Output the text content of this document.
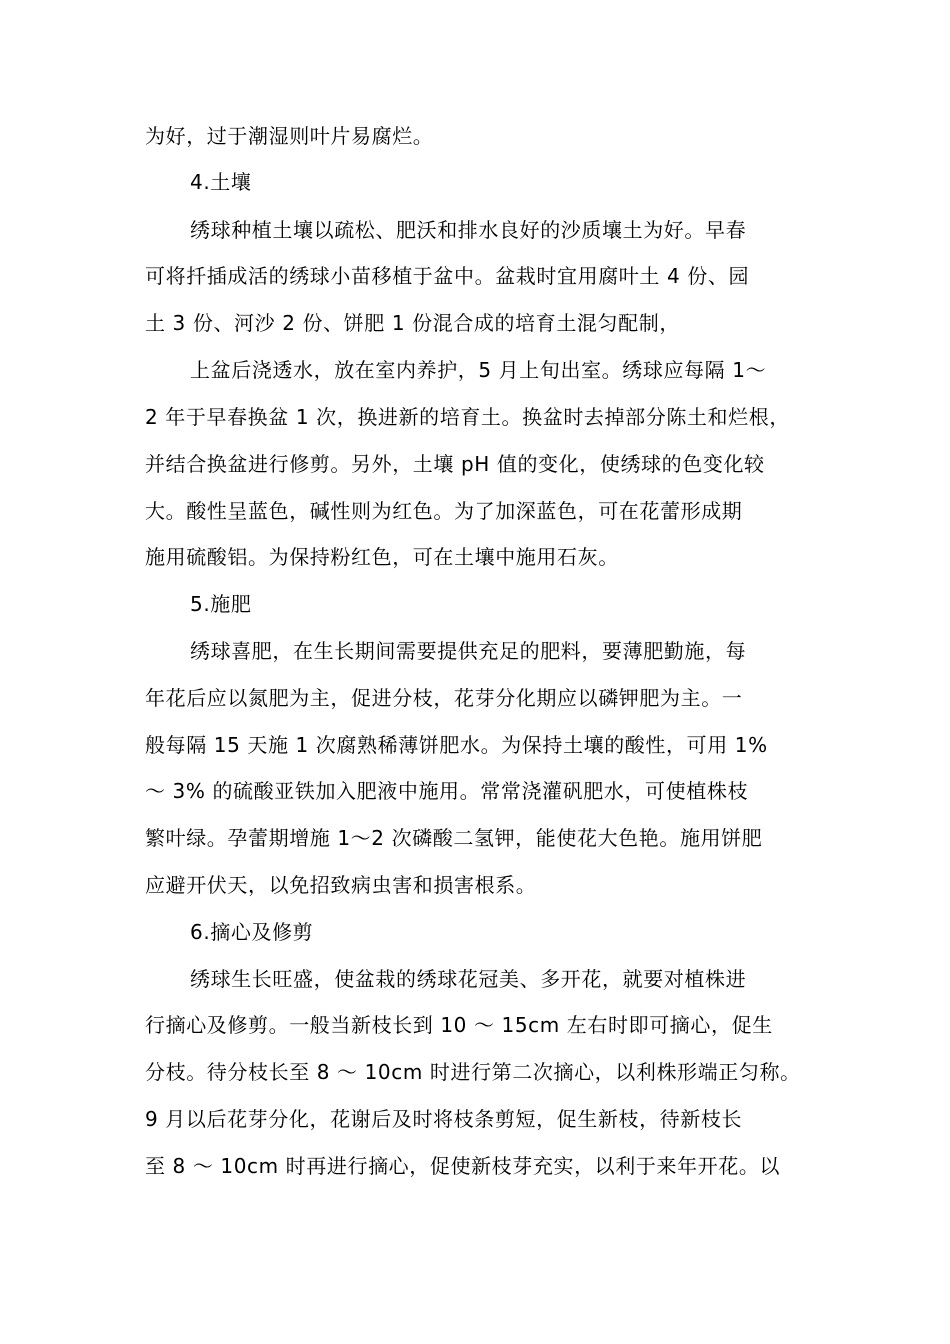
为好，过于潮湿则叶片易腐烂。
4.土壤
绣球种植土壤以疏松、肥沃和排水良好的沙质壤土为好。早春
可将扦插成活的绣球小苗移植于盆中。盆栽时宜用腐叶土 4 份、园
土 3 份、河沙 2 份、饼肥 1 份混合成的培育土混匀配制，
上盆后浇透水，放在室内养护，5 月上旬出室。绣球应每隔 1～
2 年于早春换盆 1 次，换进新的培育土。换盆时去掉部分陈土和烂根，
并结合换盆进行修剪。另外，土壤 pH 值的变化，使绣球的色变化较
大。酸性呈蓝色，碱性则为红色。为了加深蓝色，可在花蕾形成期
施用硫酸铝。为保持粉红色，可在土壤中施用石灰。
5.施肥
绣球喜肥，在生长期间需要提供充足的肥料，要薄肥勤施，每
年花后应以氮肥为主，促进分枝，花芽分化期应以磷钾肥为主。一
般每隔 15 天施 1 次腐熟稀薄饼肥水。为保持土壤的酸性，可用 1%
～ 3% 的硫酸亚铁加入肥液中施用。常常浇灌矾肥水，可使植株枝
繁叶绿。孕蕾期增施 1～2 次磷酸二氢钾，能使花大色艳。施用饼肥
应避开伏天，以免招致病虫害和损害根系。
6.摘心及修剪
绣球生长旺盛，使盆栽的绣球花冠美、多开花，就要对植株进
行摘心及修剪。一般当新枝长到 10 ～ 15cm 左右时即可摘心，促生
分枝。待分枝长至 8 ～ 10cm 时进行第二次摘心，以利株形端正匀称。
9 月以后花芽分化，花谢后及时将枝条剪短，促生新枝，待新枝长
至 8 ～ 10cm 时再进行摘心，促使新枝芽充实，以利于来年开花。以
